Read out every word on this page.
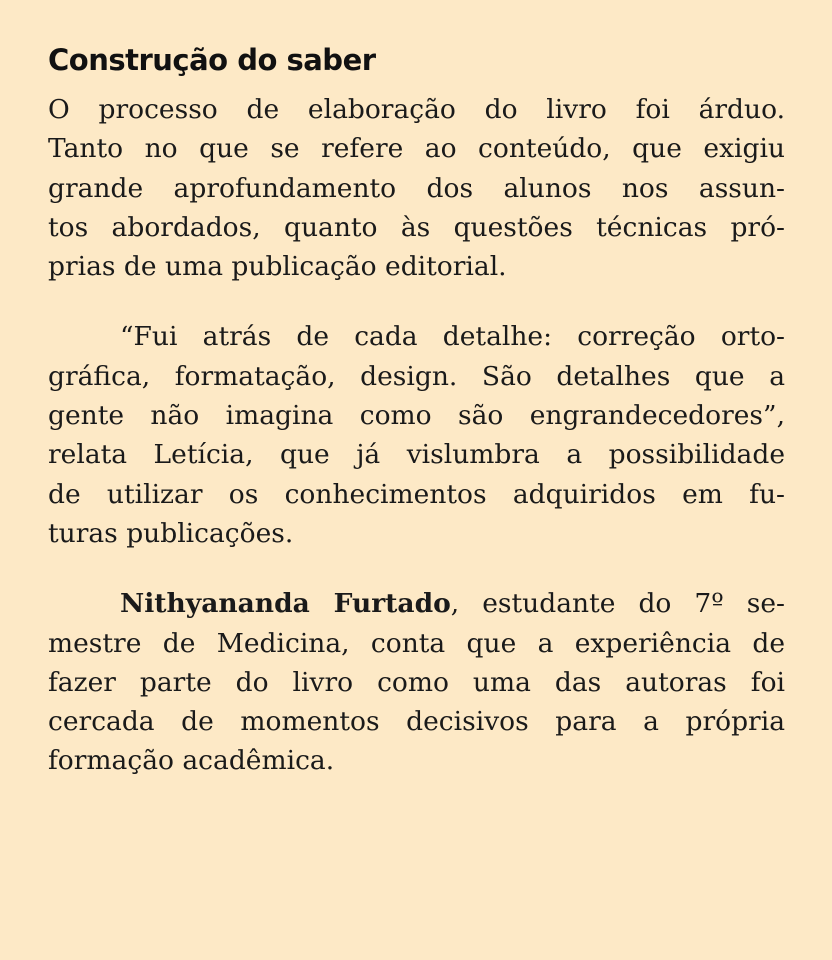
Construção do saber
O processo de elaboração do livro foi árduo.
Tanto no que se refere ao conteúdo, que exigiu
grande aprofundamento dos alunos nos assun-
tos abordados, quanto às questões técnicas pró-
prias de uma publicação editorial.
“Fui atrás de cada detalhe: correção orto-
gráfica, formatação, design. São detalhes que a
gente não imagina como são engrandecedores”,
relata Letícia, que já vislumbra a possibilidade
de utilizar os conhecimentos adquiridos em fu-
turas publicações.
Nithyananda Furtado, estudante do 7º se-
mestre de Medicina, conta que a experiência de
fazer parte do livro como uma das autoras foi
cercada de momentos decisivos para a própria
formação acadêmica.
